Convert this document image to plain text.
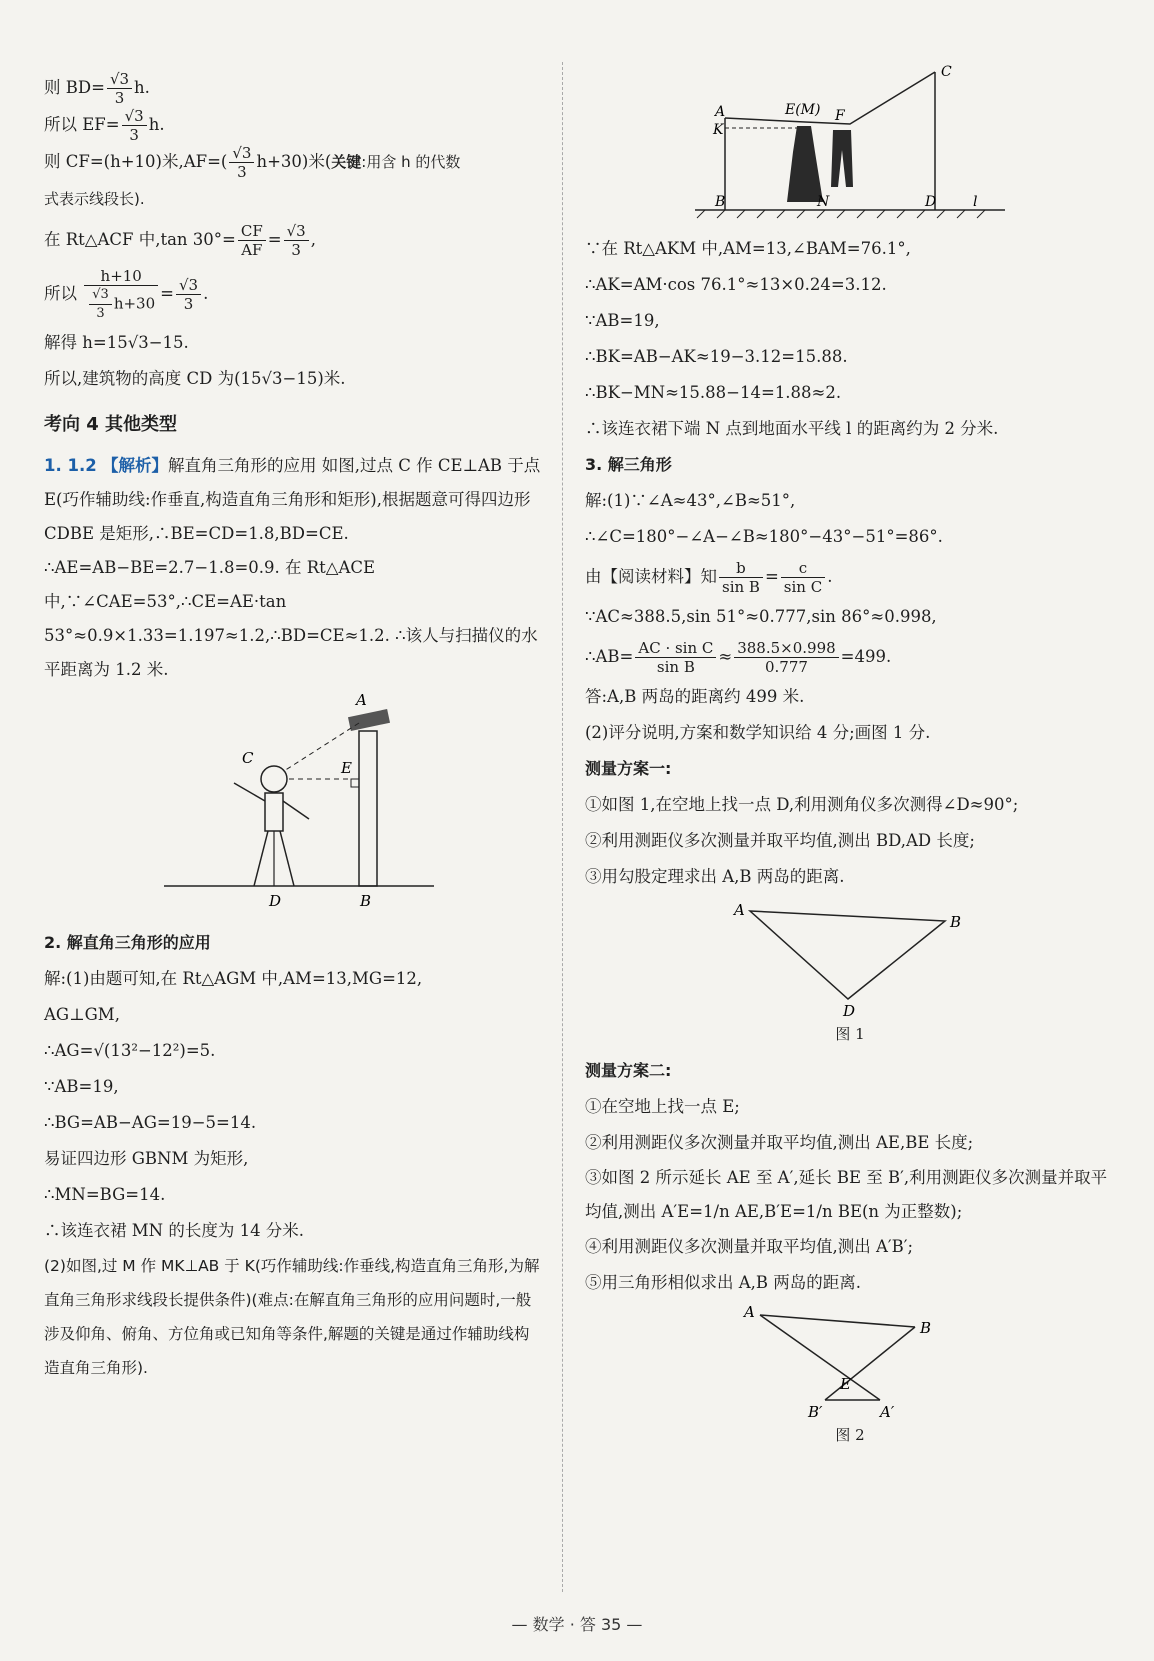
则 $BD= \frac{√3}{3} h$.
所以 $EF= \frac{√3}{3} h$.
则 CF=(h+10)米$,AF=( \frac{√3}{3} h+30)$米(关键:用含 h 的代数
式表示线段长).
在 Rt△ACF 中,tan $30^\circ= \frac{CF}{AF} = \frac{√3}{3}$ ,
所以 $\frac{h+10}{\frac{√3}{3} h+30} = \frac{√3}{3}$ .
解得 h=15√3−15.
所以,建筑物的高度 CD 为(15√3−15)米.
考向 4 其他类型
1. 1.2 【解析】解直角三角形的应用 如图,过点 C 作 CE⊥AB 于点 E(巧作辅助线:作垂直,构造直角三角形和矩形),根据题意可得四边形 CDBE 是矩形,∴BE=CD=1.8,BD=CE. ∴AE=AB−BE=2.7−1.8=0.9. 在 Rt△ACE 中,∵∠CAE=53°,∴CE=AE·tan 53°≈0.9×1.33=1.197≈1.2,∴BD=CE≈1.2. ∴该人与扫描仪的水平距离为 1.2 米.
A
C
E
D	B
2. 解直角三角形的应用
解:(1)由题可知,在 Rt△AGM 中,AM=13,MG=12,
AG⊥GM,
∴AG=√(13²−12²)=5.
∵AB=19,
∴BG=AB−AG=19−5=14.
易证四边形 GBNM 为矩形,
∴MN=BG=14.
∴该连衣裙 MN 的长度为 14 分米.
(2)如图,过 M 作 MK⊥AB 于 K(巧作辅助线:作垂线,构造直角三角形,为解直角三角形求线段长提供条件)(难点:在解直角三角形的应用问题时,一般涉及仰角、俯角、方位角或已知角等条件,解题的关键是通过作辅助线构造直角三角形).
A
K
E(M) F
C
B	N	D	l
∵在 Rt△AKM 中,AM=13,∠BAM=76.1°,
∴AK=AM·cos 76.1°≈13×0.24=3.12.
∵AB=19,
∴BK=AB−AK≈19−3.12=15.88.
∴BK−MN≈15.88−14=1.88≈2.
∴该连衣裙下端 N 点到地面水平线 l 的距离约为 2 分米.
3. 解三角形
解:(1)∵∠A≈43°,∠B≈51°,
∴∠C=180°−∠A−∠B≈180°−43°−51°=86°.
由【阅读材料】知 $\frac{b}{\text{sin B}} = \frac{c}{\text{sin C}}$ .
∵AC≈388.5,sin 51°≈0.777,sin 86°≈0.998,
∴AB= $\frac{\text{AC · sin C}}{\text{sin B}} \approx \frac{388.5\times 0.998}{0.777} =499$.
答:A,B 两岛的距离约 499 米.
(2)评分说明,方案和数学知识给 4 分;画图 1 分.
测量方案一:
①如图 1,在空地上找一点 D,利用测角仪多次测得∠D≈90°;
②利用测距仪多次测量并取平均值,测出 BD,AD 长度;
③用勾股定理求出 A,B 两岛的距离.
A
B
D
图 1
测量方案二:
①在空地上找一点 E;
②利用测距仪多次测量并取平均值,测出 AE,BE 长度;
③如图 2 所示延长 AE 至 A′,延长 BE 至 B′,利用测距仪多次测量并取平均值,测出 A′E=1/n AE,B′E=1/n BE(n 为正整数);
④利用测距仪多次测量并取平均值,测出 A′B′;
⑤用三角形相似求出 A,B 两岛的距离.
A
B
E
B′	A′
图 2
— 数学 · 答 35 —
